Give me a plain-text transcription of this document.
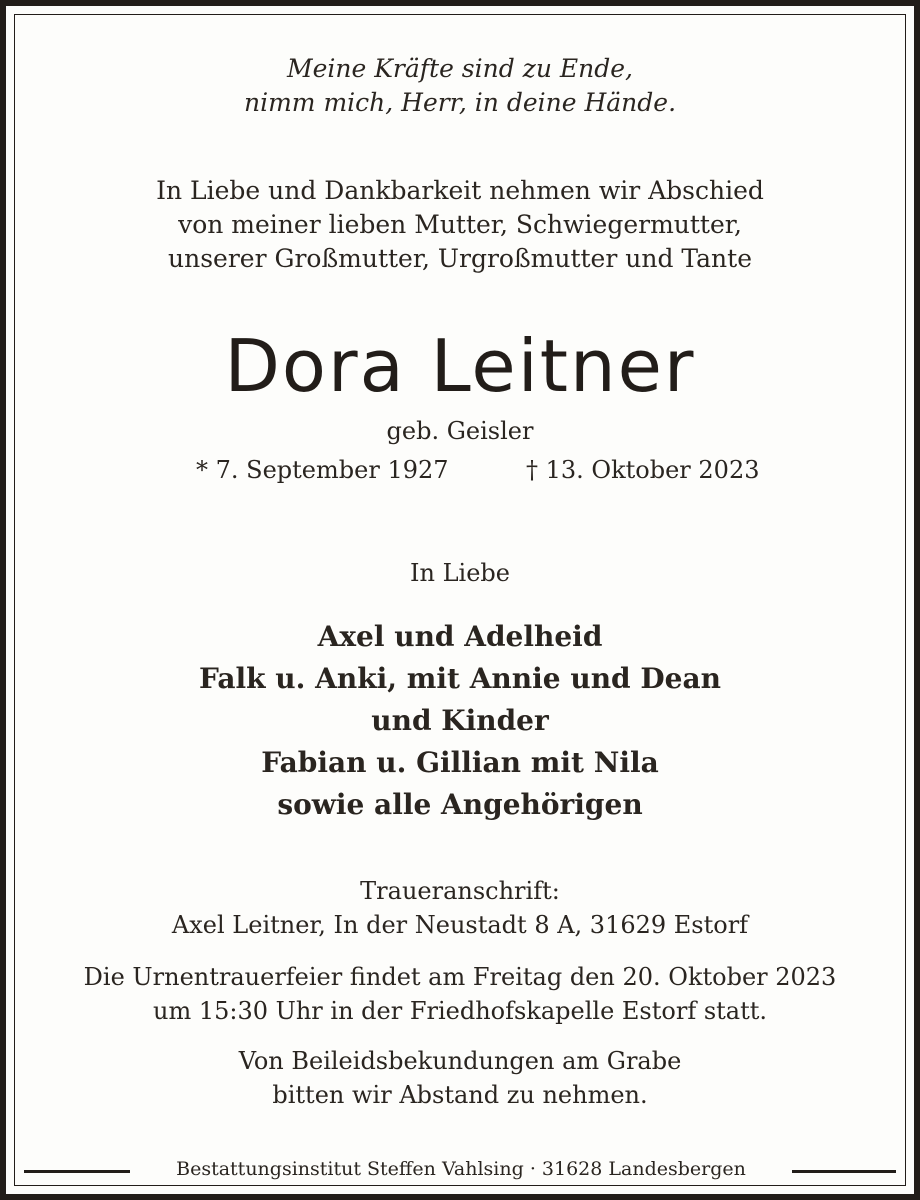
Meine Kräfte sind zu Ende,
nimm mich, Herr, in deine Hände.
In Liebe und Dankbarkeit nehmen wir Abschied
von meiner lieben Mutter, Schwiegermutter,
unserer Großmutter, Urgroßmutter und Tante
Dora Leitner
geb. Geisler
* 7. September 1927	† 13. Oktober 2023
In Liebe
Axel und Adelheid
Falk u. Anki, mit Annie und Dean
und Kinder
Fabian u. Gillian mit Nila
sowie alle Angehörigen
Traueranschrift:
Axel Leitner, In der Neustadt 8 A, 31629 Estorf
Die Urnentrauerfeier findet am Freitag den 20. Oktober 2023
um 15:30 Uhr in der Friedhofskapelle Estorf statt.
Von Beileidsbekundungen am Grabe
bitten wir Abstand zu nehmen.
Bestattungsinstitut Steffen Vahlsing · 31628 Landesbergen
